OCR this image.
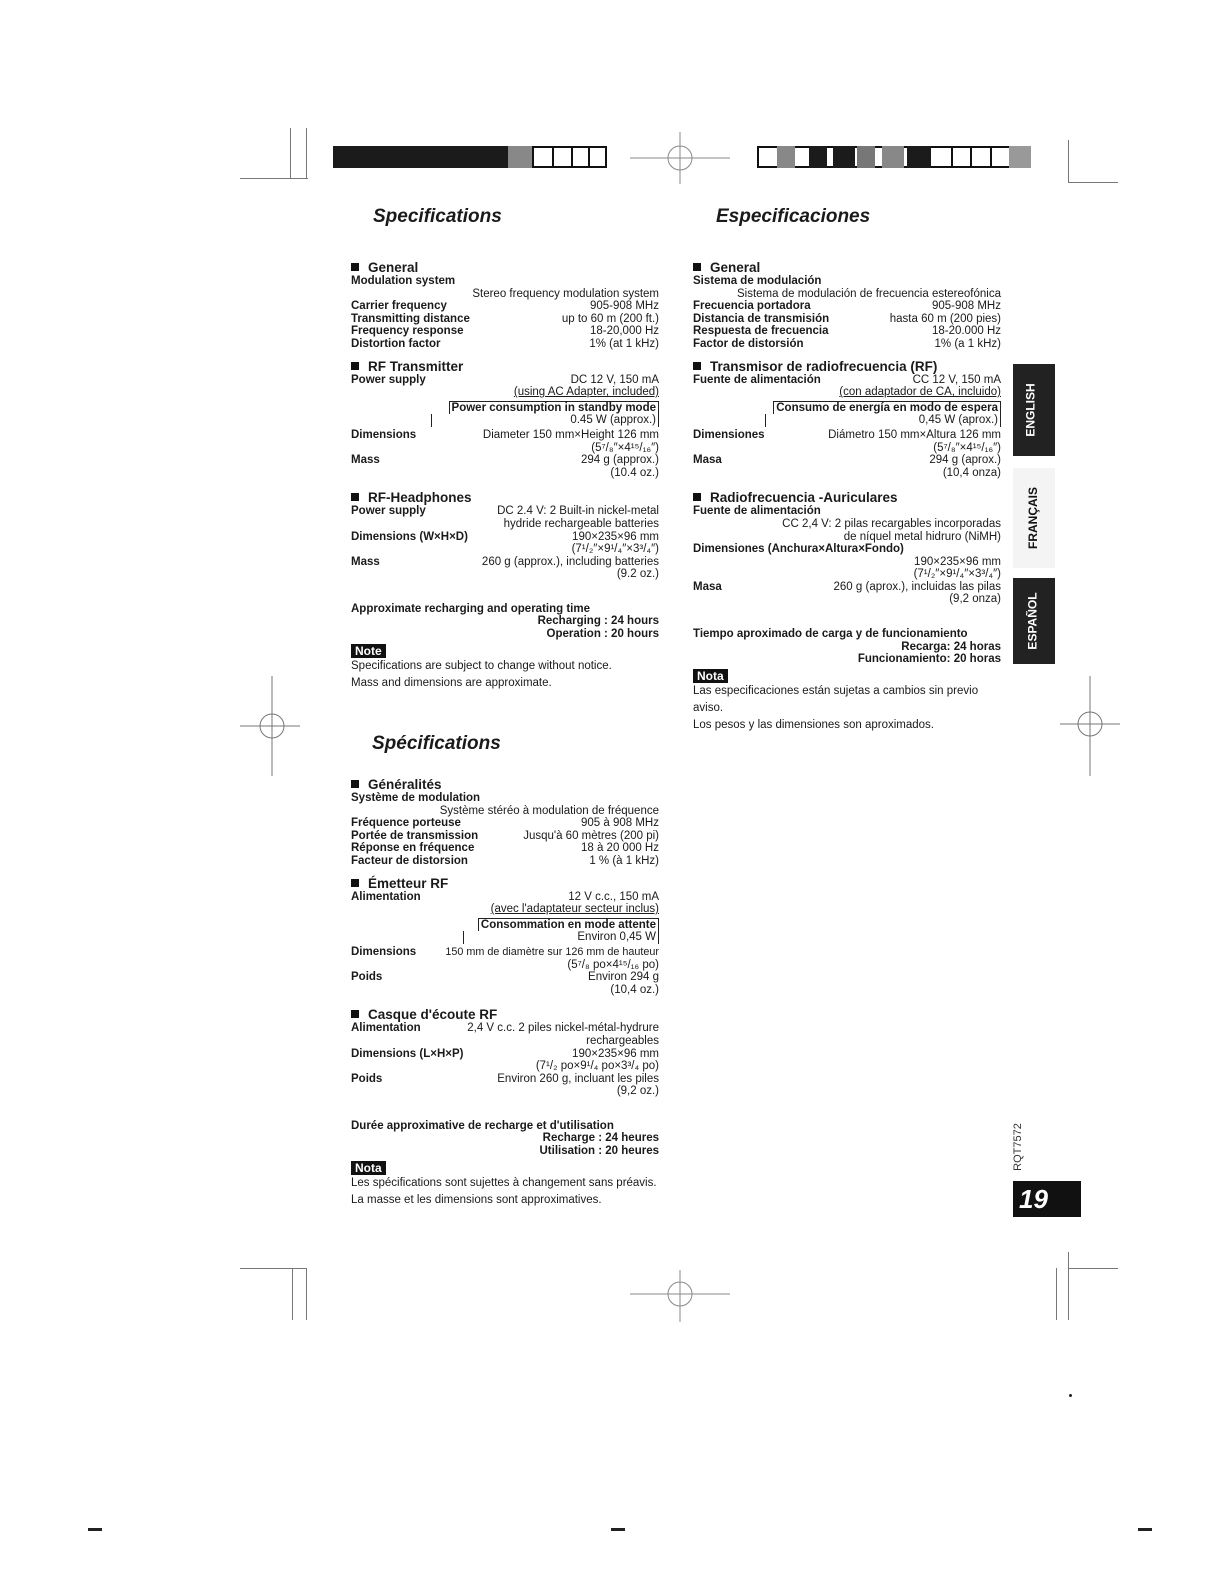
Specifications	Especificaciones
Spécifications
General
Modulation system
Stereo frequency modulation system
Carrier frequency	905-908 MHz
Transmitting distance	up to 60 m (200 ft.)
Frequency response	18-20,000 Hz
Distortion factor	1% (at 1 kHz)
RF Transmitter
Power supply	DC 12 V, 150 mA
(using AC Adapter, included)
Power consumption in standby mode
0.45 W (approx.)
Dimensions	Diameter 150 mm×Height 126 mm
(5⁷/₈″×4¹⁵/₁₆″)
Mass	294 g (approx.)
(10.4 oz.)
RF-Headphones
Power supply	DC 2.4 V: 2 Built-in nickel-metal
hydride rechargeable batteries
Dimensions (W×H×D)	190×235×96 mm
(7¹/₂″×9¹/₄″×3³/₄″)
Mass	260 g (approx.), including batteries
(9.2 oz.)
Approximate recharging and operating time
Recharging : 24 hours
Operation : 20 hours
Note
Specifications are subject to change without notice.
Mass and dimensions are approximate.
General
Sistema de modulación
Sistema de modulación de frecuencia estereofónica
Frecuencia portadora	905-908 MHz
Distancia de transmisión	hasta 60 m (200 pies)
Respuesta de frecuencia	18-20.000 Hz
Factor de distorsión	1% (a 1 kHz)
Transmisor de radiofrecuencia (RF)
Fuente de alimentación	CC 12 V, 150 mA
(con adaptador de CA, incluido)
Consumo de energía en modo de espera
0,45 W (aprox.)
Dimensiones	Diámetro 150 mm×Altura 126 mm
(5⁷/₈″×4¹⁵/₁₆″)
Masa	294 g (aprox.)
(10,4 onza)
Radiofrecuencia -Auriculares
Fuente de alimentación
CC 2,4 V: 2 pilas recargables incorporadas
de níquel metal hidruro (NiMH)
Dimensiones (Anchura×Altura×Fondo)
190×235×96 mm
(7¹/₂″×9¹/₄″×3³/₄″)
Masa	260 g (aprox.), incluidas las pilas
(9,2 onza)
Tiempo aproximado de carga y de funcionamiento
Recarga: 24 horas
Funcionamiento: 20 horas
Nota
Las especificaciones están sujetas a cambios sin previo aviso.
Los pesos y las dimensiones son aproximados.
Généralités
Système de modulation
Système stéréo à modulation de fréquence
Fréquence porteuse	905 à 908 MHz
Portée de transmission	Jusqu'à 60 mètres (200 pi)
Réponse en fréquence	18 à 20 000 Hz
Facteur de distorsion	1 % (à 1 kHz)
Émetteur RF
Alimentation	12 V c.c., 150 mA
(avec l'adaptateur secteur inclus)
Consommation en mode attente
Environ 0,45 W
Dimensions	150 mm de diamètre sur 126 mm de hauteur
(5⁷/₈ po×4¹⁵/₁₆ po)
Poids	Environ 294 g
(10,4 oz.)
Casque d'écoute RF
Alimentation	2,4 V c.c. 2 piles nickel-métal-hydrure
rechargeables
Dimensions (L×H×P)	190×235×96 mm
(7¹/₂ po×9¹/₄ po×3³/₄ po)
Poids	Environ 260 g, incluant les piles
(9,2 oz.)
Durée approximative de recharge et d'utilisation
Recharge : 24 heures
Utilisation : 20 heures
Nota
Les spécifications sont sujettes à changement sans préavis.
La masse et les dimensions sont approximatives.
ENGLISH
FRANÇAIS
ESPAÑOL
RQT7572
19
